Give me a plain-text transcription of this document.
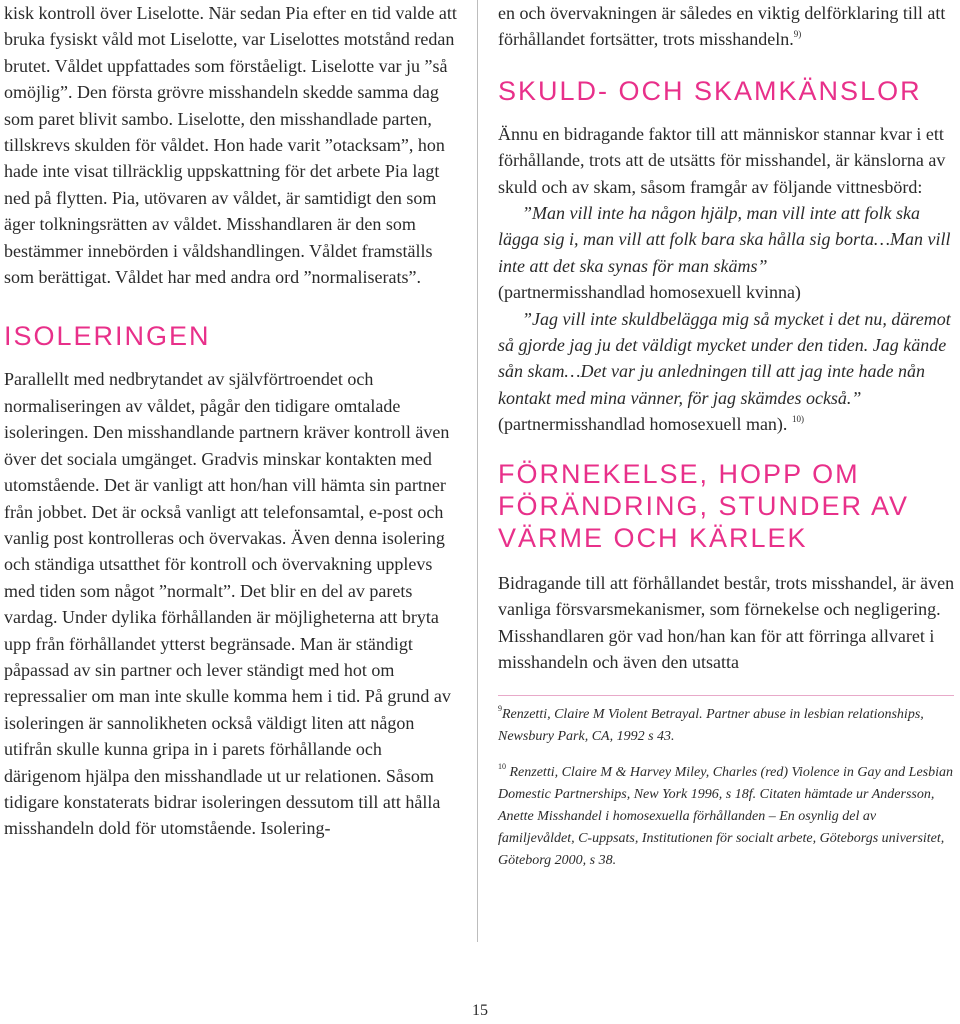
kisk kontroll över Liselotte. När sedan Pia efter en tid valde att bruka fysiskt våld mot Liselotte, var Liselottes motstånd redan brutet. Våldet uppfattades som förståeligt. Liselotte var ju ”så omöjlig”. Den första grövre misshandeln skedde samma dag som paret blivit sambo. Liselotte, den misshandlade parten, tillskrevs skulden för våldet. Hon hade varit ”otacksam”, hon hade inte visat tillräcklig uppskattning för det arbete Pia lagt ned på flytten. Pia, utövaren av våldet, är samtidigt den som äger tolkningsrätten av våldet. Misshandlaren är den som bestämmer innebörden i våldshandlingen. Våldet framställs som berättigat. Våldet har med andra ord ”normaliserats”.

ISOLERINGEN

Parallellt med nedbrytandet av självförtroendet och normaliseringen av våldet, pågår den tidigare omtalade isoleringen. Den misshandlande partnern kräver kontroll även över det sociala umgänget. Gradvis minskar kontakten med utomstående. Det är vanligt att hon/han vill hämta sin partner från jobbet. Det är också vanligt att telefonsamtal, e-post och vanlig post kontrolleras och övervakas. Även denna isolering och ständiga utsatthet för kontroll och övervakning upplevs med tiden som något ”normalt”. Det blir en del av parets vardag. Under dylika förhållanden är möjligheterna att bryta upp från förhållandet ytterst begränsade. Man är ständigt påpassad av sin partner och lever ständigt med hot om repressalier om man inte skulle komma hem i tid. På grund av isoleringen är sannolikheten också väldigt liten att någon utifrån skulle kunna gripa in i parets förhållande och därigenom hjälpa den misshandlade ut ur relationen. Såsom tidigare konstaterats bidrar isoleringen dessutom till att hålla misshandeln dold för utomstående. Isolering-

en och övervakningen är således en viktig delförklaring till att förhållandet fortsätter, trots misshandeln.$^{9)}$

SKULD- OCH SKAMKÄNSLOR

Ännu en bidragande faktor till att människor stannar kvar i ett förhållande, trots att de utsätts för misshandel, är känslorna av skuld och av skam, såsom framgår av följande vittnesbörd:

”Man vill inte ha någon hjälp, man vill inte att folk ska lägga sig i, man vill att folk bara ska hålla sig borta…Man vill inte att det ska synas för man skäms”

(partnermisshandlad homosexuell kvinna)

”Jag vill inte skuldbelägga mig så mycket i det nu, däremot så gjorde jag ju det väldigt mycket under den tiden. Jag kände sån skam…Det var ju anledningen till att jag inte hade nån kontakt med mina vänner, för jag skämdes också.”

(partnermisshandlad homosexuell man). $^{10)}$

FÖRNEKELSE, HOPP OM
FÖRÄNDRING, STUNDER AV
VÄRME OCH KÄRLEK

Bidragande till att förhållandet består, trots misshandel, är även vanliga försvarsmekanismer, som förnekelse och negligering. Misshandlaren gör vad hon/han kan för att förringa allvaret i misshandeln och även den utsatta

$^9$Renzetti, Claire M Violent Betrayal. Partner abuse in lesbian relationships, Newsbury Park, CA, 1992 s 43.

$^{10}$ Renzetti, Claire M & Harvey Miley, Charles (red) Violence in Gay and Lesbian Domestic Partnerships, New York 1996, s 18f. Citaten hämtade ur Andersson, Anette Misshandel i homosexuella förhållanden – En osynlig del av familjevåldet, C-uppsats, Institutionen för socialt arbete, Göteborgs universitet, Göteborg 2000, s 38.

15
